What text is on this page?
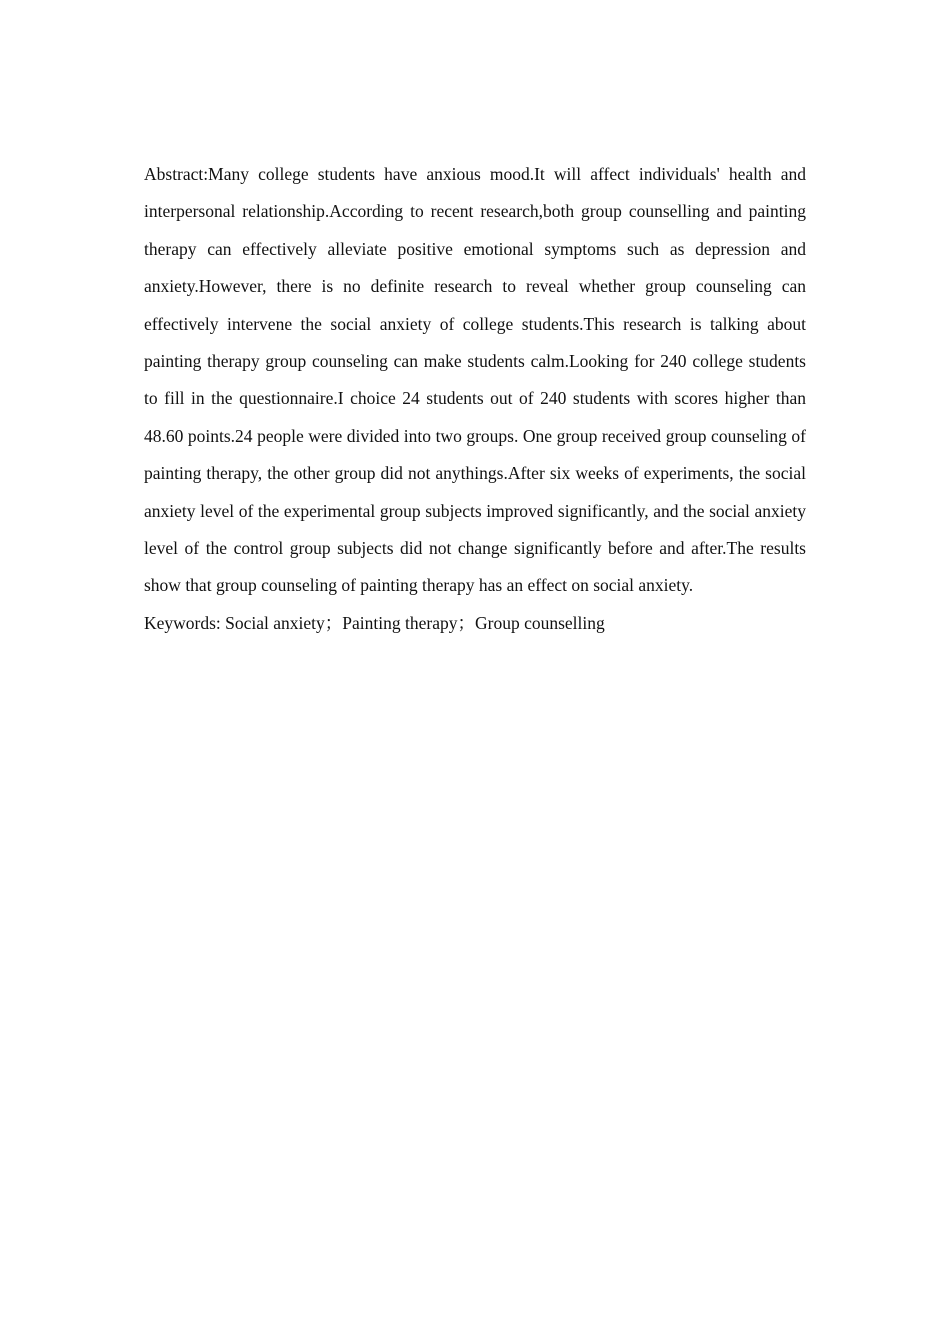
Abstract:Many college students have anxious mood.It will affect individuals' health and interpersonal relationship.According to recent research,both group counselling and painting therapy can effectively alleviate positive emotional symptoms such as depression and anxiety.However, there is no definite research to reveal whether group counseling can effectively intervene the social anxiety of college students.This research is talking about painting therapy group counseling can make students calm.Looking for 240 college students to fill in the questionnaire.I choice 24 students out of 240 students with scores higher than 48.60 points.24 people were divided into two groups. One group received group counseling of painting therapy, the other group did not anythings.After six weeks of experiments, the social anxiety level of the experimental group subjects improved significantly, and the social anxiety level of the control group subjects did not change significantly before and after.The results show that group counseling of painting therapy has an effect on social anxiety.

Keywords: Social anxiety；Painting therapy；Group counselling
